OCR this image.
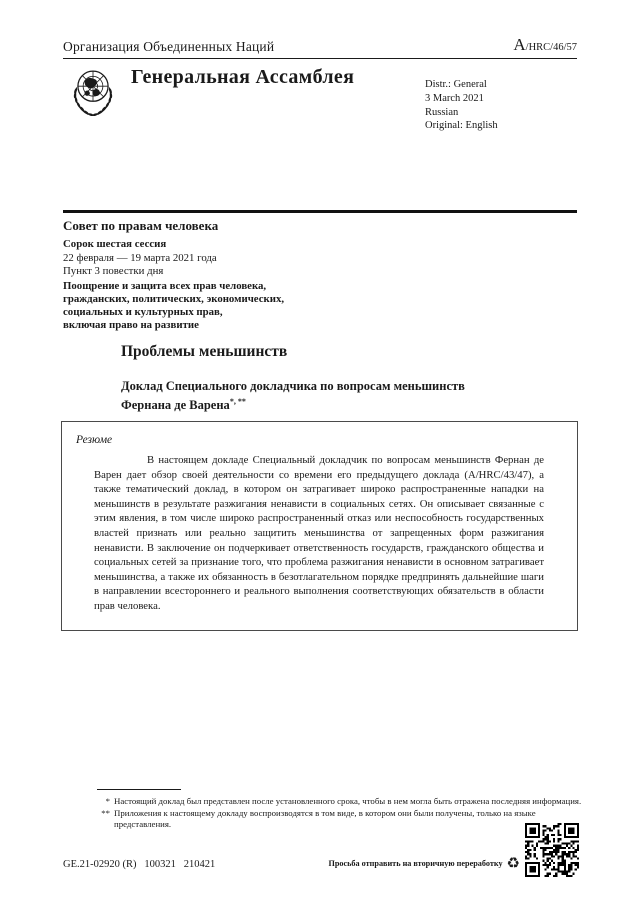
Организация Объединенных Наций	A/HRC/46/57
Генеральная Ассамблея	Distr.: General
3 March 2021
Russian
Original: English
Совет по правам человека
Сорок шестая сессия
22 февраля — 19 марта 2021 года
Пункт 3 повестки дня
Поощрение и защита всех прав человека,
гражданских, политических, экономических,
социальных и культурных прав,
включая право на развитие
Проблемы меньшинств
Доклад Специального докладчика по вопросам меньшинств
Фернана де Варена*, **
Резюме
В настоящем докладе Специальный докладчик по вопросам меньшинств Фернан де Варен дает обзор своей деятельности со времени его предыдущего доклада (A/HRC/43/47), а также тематический доклад, в котором он затрагивает широко распространенные нападки на меньшинств в результате разжигания ненависти в социальных сетях. Он описывает связанные с этим явления, в том числе широко распространенный отказ или неспособность государственных властей признать или реально защитить меньшинства от запрещенных форм разжигания ненависти. В заключение он подчеркивает ответственность государств, гражданского общества и социальных сетей за признание того, что проблема разжигания ненависти в основном затрагивает меньшинства, а также их обязанность в безотлагательном порядке предпринять дальнейшие шаги в направлении всестороннего и реального выполнения соответствующих обязательств в области прав человека.
* Настоящий доклад был представлен после установленного срока, чтобы в нем могла быть отражена последняя информация.
** Приложения к настоящему докладу воспроизводятся в том виде, в котором они были получены, только на языке представления.
GE.21-02920 (R)   100321   210421	Просьба отправить на вторичную переработку ♻
